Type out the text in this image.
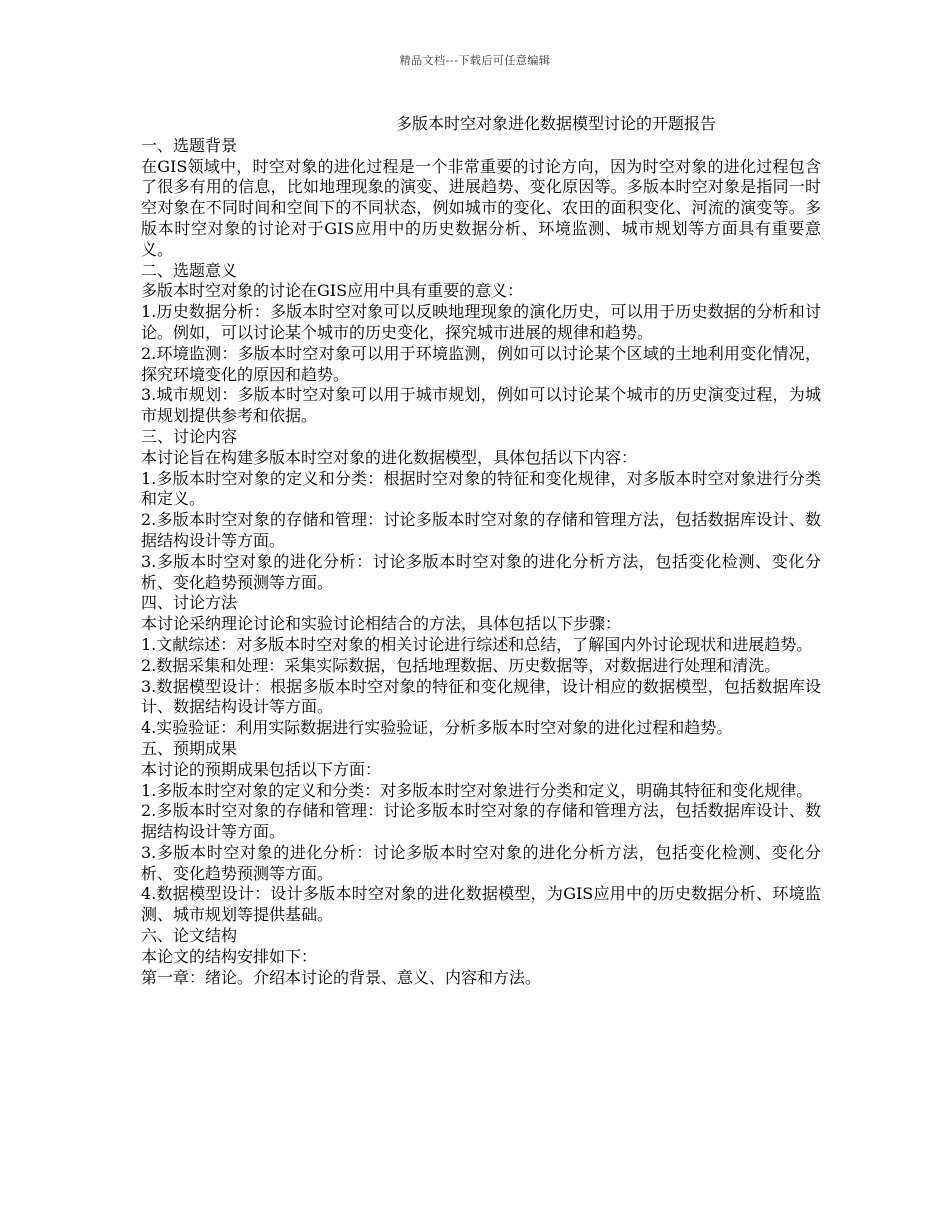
精品文档---下载后可任意编辑
多版本时空对象进化数据模型讨论的开题报告
一、选题背景

在GIS领域中，时空对象的进化过程是一个非常重要的讨论方向，因为时空对象的进化过程包含了很多有用的信息，比如地理现象的演变、进展趋势、变化原因等。多版本时空对象是指同一时空对象在不同时间和空间下的不同状态，例如城市的变化、农田的面积变化、河流的演变等。多版本时空对象的讨论对于GIS应用中的历史数据分析、环境监测、城市规划等方面具有重要意义。

二、选题意义

多版本时空对象的讨论在GIS应用中具有重要的意义：

1.历史数据分析：多版本时空对象可以反映地理现象的演化历史，可以用于历史数据的分析和讨论。例如，可以讨论某个城市的历史变化，探究城市进展的规律和趋势。

2.环境监测：多版本时空对象可以用于环境监测，例如可以讨论某个区域的土地利用变化情况，探究环境变化的原因和趋势。

3.城市规划：多版本时空对象可以用于城市规划，例如可以讨论某个城市的历史演变过程，为城市规划提供参考和依据。

三、讨论内容

本讨论旨在构建多版本时空对象的进化数据模型，具体包括以下内容：

1.多版本时空对象的定义和分类：根据时空对象的特征和变化规律，对多版本时空对象进行分类和定义。

2.多版本时空对象的存储和管理：讨论多版本时空对象的存储和管理方法，包括数据库设计、数据结构设计等方面。

3.多版本时空对象的进化分析：讨论多版本时空对象的进化分析方法，包括变化检测、变化分析、变化趋势预测等方面。

四、讨论方法

本讨论采纳理论讨论和实验讨论相结合的方法，具体包括以下步骤：

1.文献综述：对多版本时空对象的相关讨论进行综述和总结，了解国内外讨论现状和进展趋势。

2.数据采集和处理：采集实际数据，包括地理数据、历史数据等，对数据进行处理和清洗。

3.数据模型设计：根据多版本时空对象的特征和变化规律，设计相应的数据模型，包括数据库设计、数据结构设计等方面。

4.实验验证：利用实际数据进行实验验证，分析多版本时空对象的进化过程和趋势。

五、预期成果

本讨论的预期成果包括以下方面：

1.多版本时空对象的定义和分类：对多版本时空对象进行分类和定义，明确其特征和变化规律。

2.多版本时空对象的存储和管理：讨论多版本时空对象的存储和管理方法，包括数据库设计、数据结构设计等方面。

3.多版本时空对象的进化分析：讨论多版本时空对象的进化分析方法，包括变化检测、变化分析、变化趋势预测等方面。

4.数据模型设计：设计多版本时空对象的进化数据模型，为GIS应用中的历史数据分析、环境监测、城市规划等提供基础。

六、论文结构

本论文的结构安排如下：

第一章：绪论。介绍本讨论的背景、意义、内容和方法。
